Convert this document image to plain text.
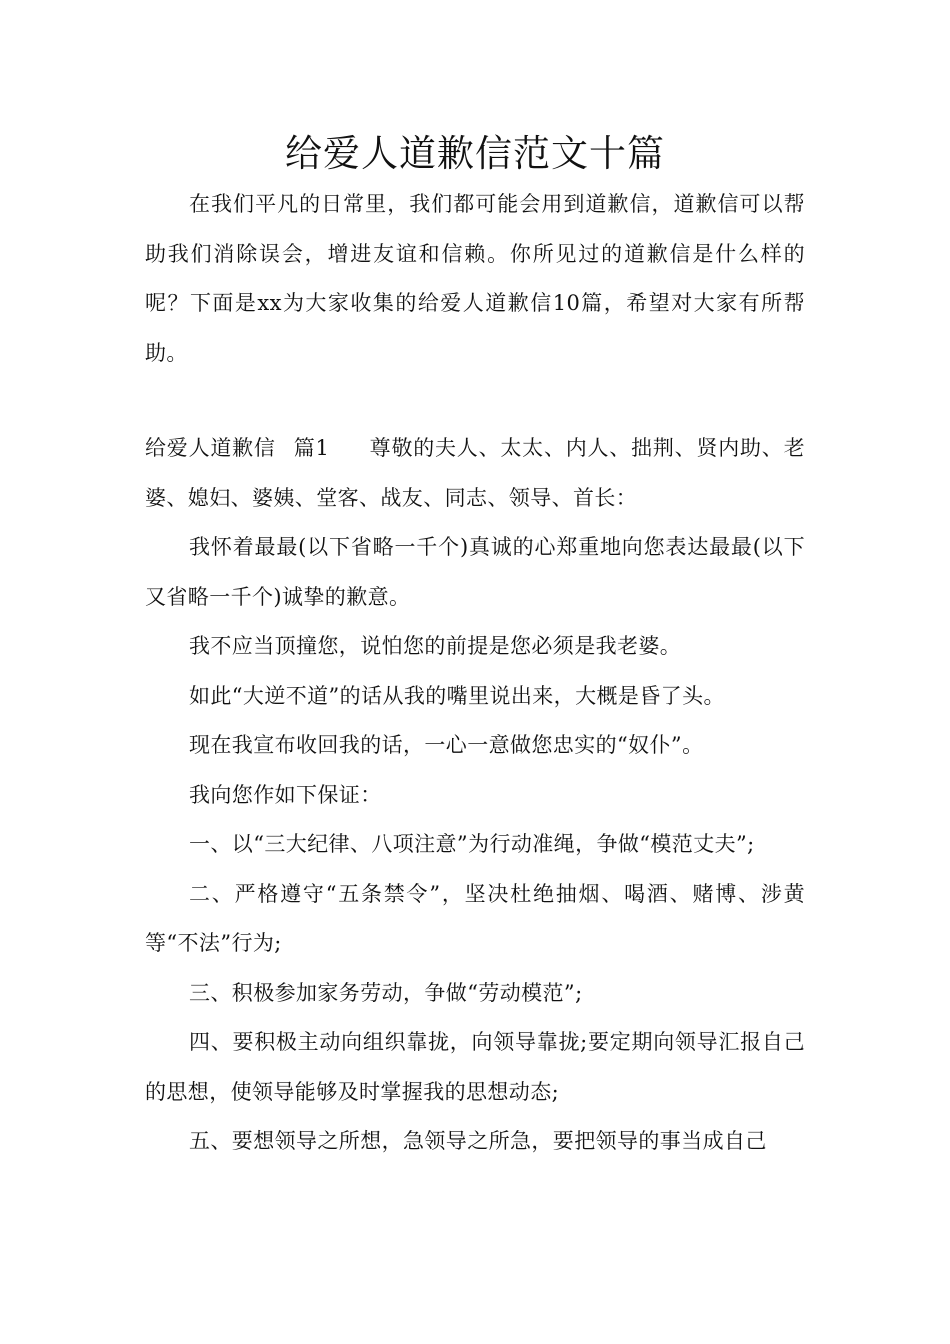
给爱人道歉信范文十篇

在我们平凡的日常里，我们都可能会用到道歉信，道歉信可以帮助我们消除误会，增进友谊和信赖。你所见过的道歉信是什么样的呢？下面是xx为大家收集的给爱人道歉信10篇，希望对大家有所帮助。

给爱人道歉信 篇1 尊敬的夫人、太太、内人、拙荆、贤内助、老婆、媳妇、婆姨、堂客、战友、同志、领导、首长：

我怀着最最(以下省略一千个)真诚的心郑重地向您表达最最(以下又省略一千个)诚挚的歉意。

我不应当顶撞您，说怕您的前提是您必须是我老婆。

如此“大逆不道”的话从我的嘴里说出来，大概是昏了头。

现在我宣布收回我的话，一心一意做您忠实的“奴仆”。

我向您作如下保证：

一、以“三大纪律、八项注意”为行动准绳，争做“模范丈夫”;

二、严格遵守“五条禁令”，坚决杜绝抽烟、喝酒、赌博、涉黄等“不法”行为;

三、积极参加家务劳动，争做“劳动模范”;

四、要积极主动向组织靠拢，向领导靠拢;要定期向领导汇报自己的思想，使领导能够及时掌握我的思想动态;

五、要想领导之所想，急领导之所急，要把领导的事当成自己
